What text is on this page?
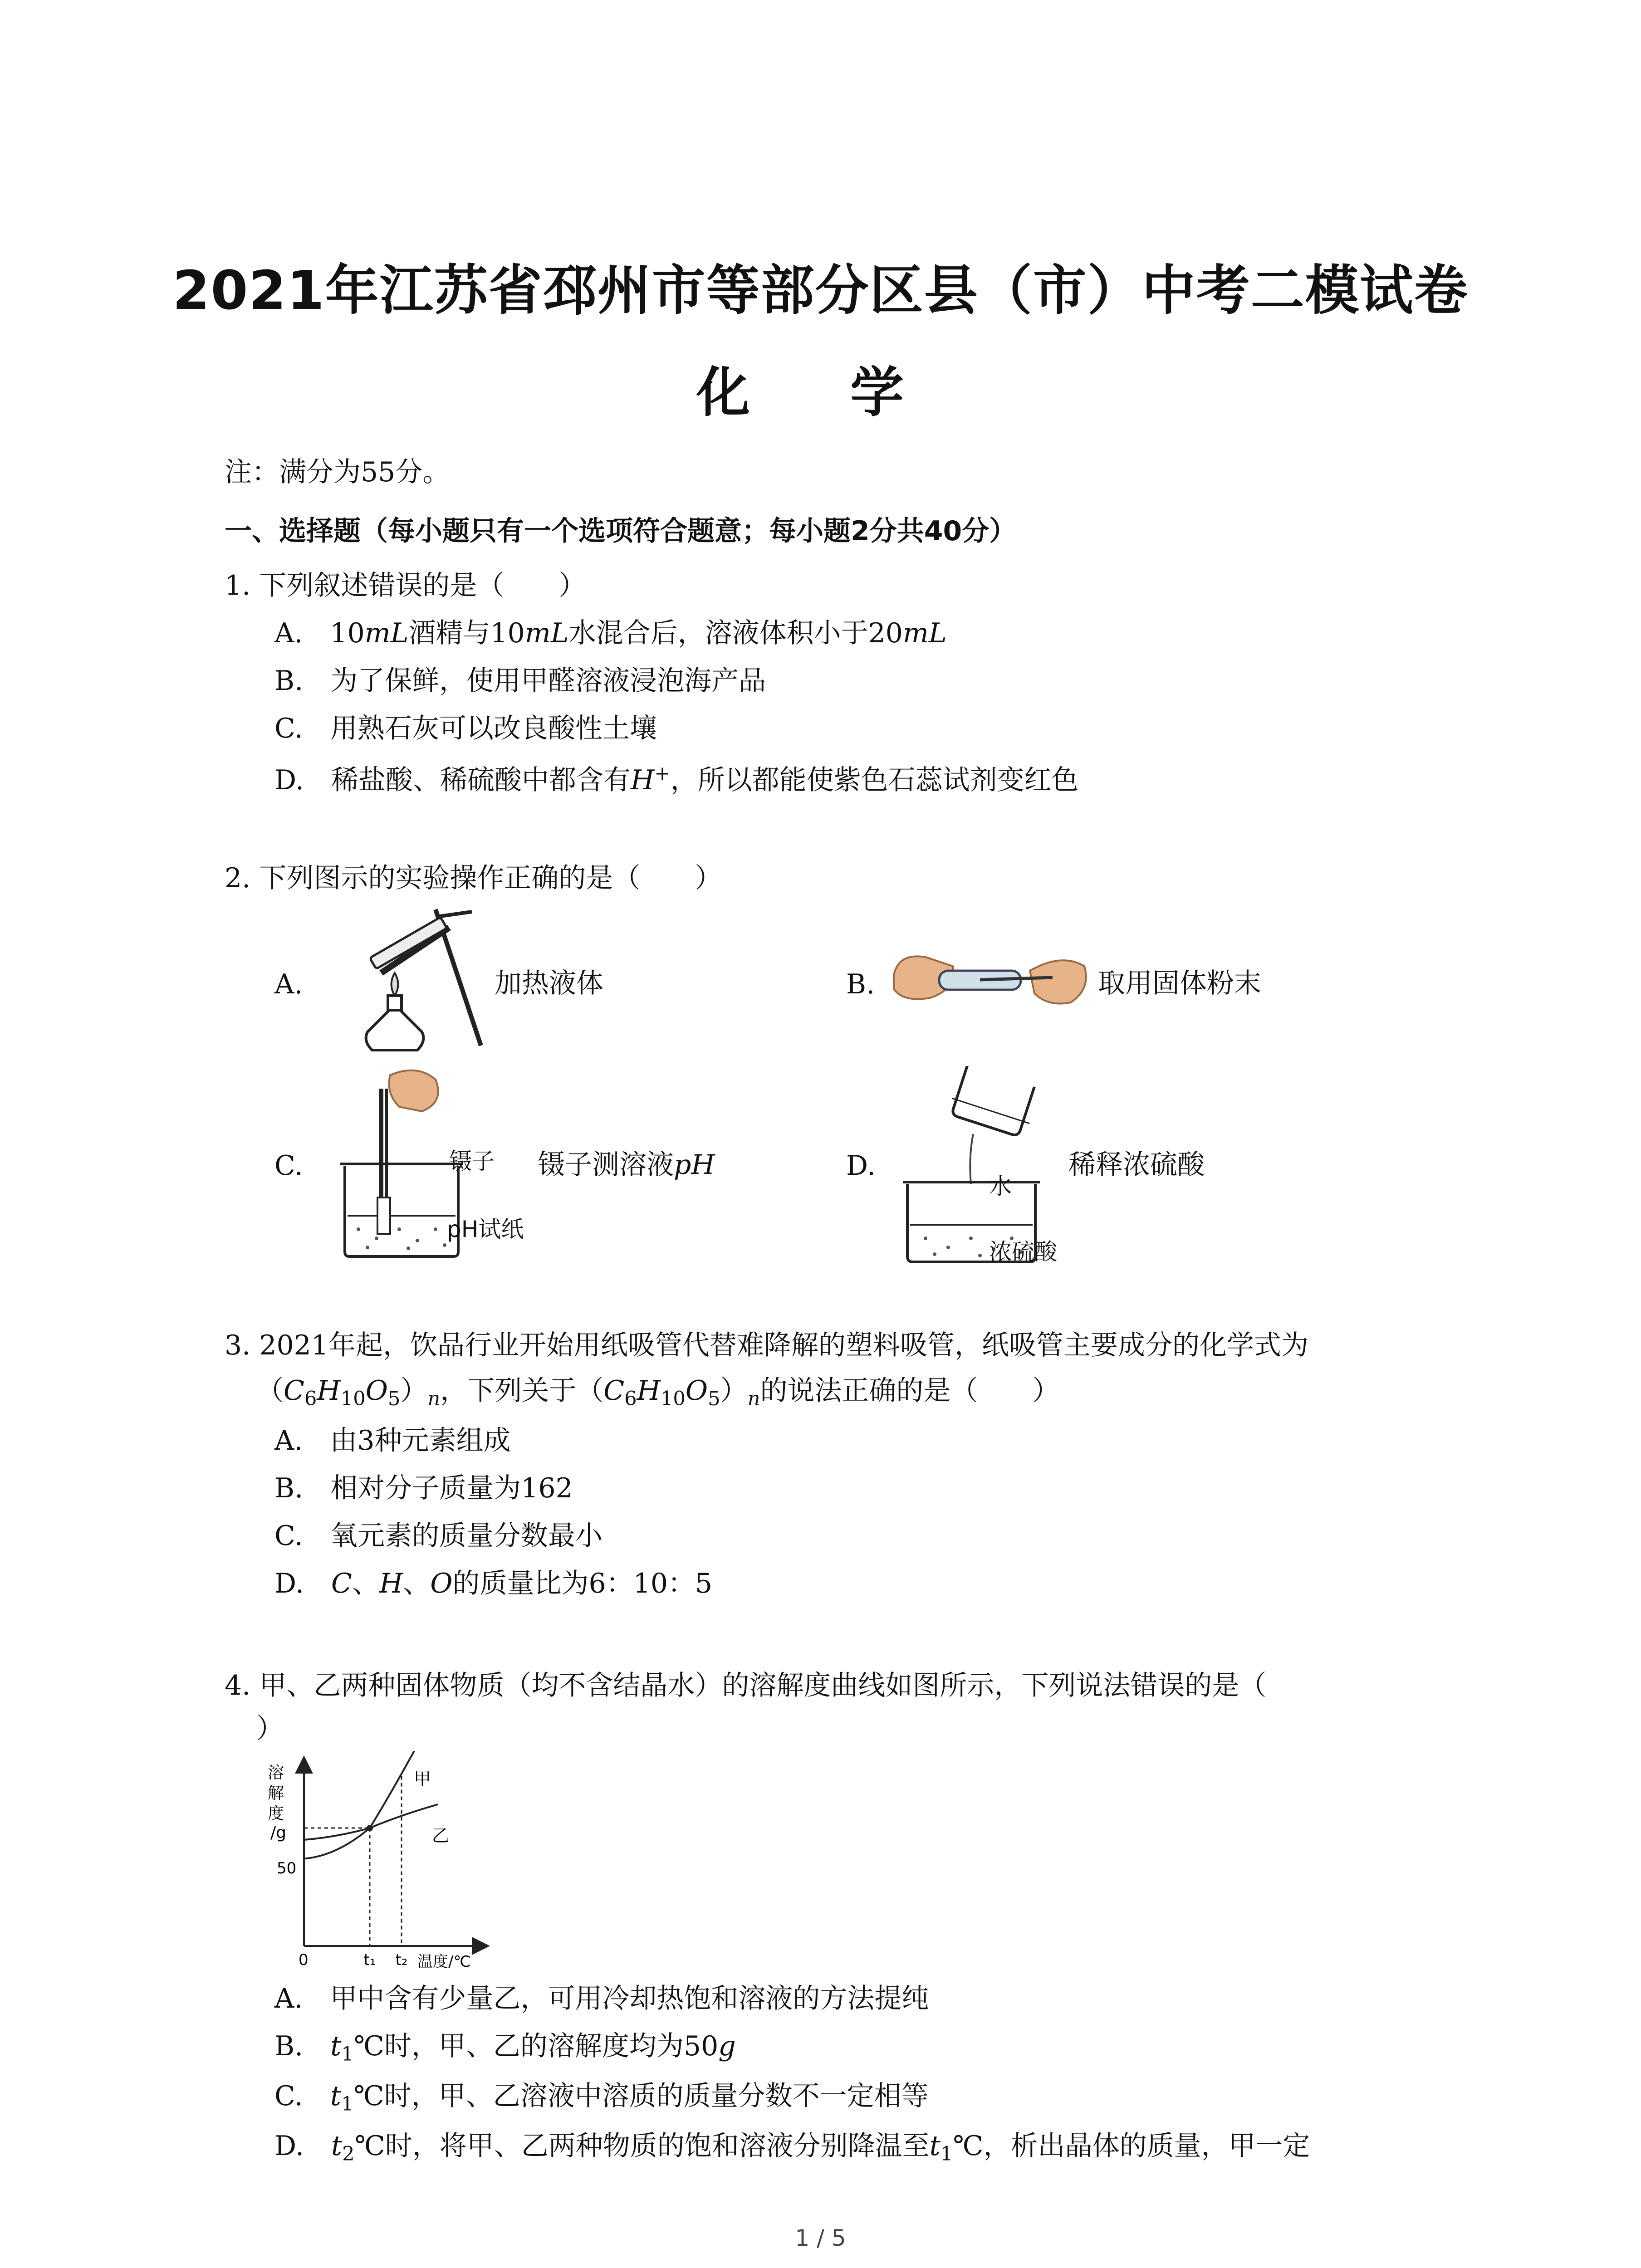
2021年江苏省邳州市等部分区县（市）中考二模试卷
化 学
注：满分为55分。
一、选择题（每小题只有一个选项符合题意；每小题2分共40分）
1. 下列叙述错误的是（　　）
A.　10mL酒精与10mL水混合后，溶液体积小于20mL
B.　为了保鲜，使用甲醛溶液浸泡海产品
C.　用熟石灰可以改良酸性土壤
D.　稀盐酸、稀硫酸中都含有H+，所以都能使紫色石蕊试剂变红色
2. 下列图示的实验操作正确的是（　　）
A.	加热液体	B.	取用固体粉末
C.	镊子
pH试纸
镊子测溶液pH	D.
水
浓硫酸
稀释浓硫酸
3. 2021年起，饮品行业开始用纸吸管代替难降解的塑料吸管，纸吸管主要成分的化学式为
$(C_6H_{10}O_5)_n$，下列关于$(C_6H_{10}O_5)_n$的说法正确的是（　　）
A.　由3种元素组成
B.　相对分子质量为162
C.　氧元素的质量分数最小
D.　C、H、O的质量比为6：10：5
4. 甲、乙两种固体物质（均不含结晶水）的溶解度曲线如图所示，下列说法错误的是（
）
溶
解
度
/g
50
0	t₁ t₂ 温度/℃
甲
乙
A.　甲中含有少量乙，可用冷却热饱和溶液的方法提纯
B.　$t_1℃$时，甲、乙的溶解度均为50g
C.　$t_1℃$时，甲、乙溶液中溶质的质量分数不一定相等
D.　$t_2℃$时，将甲、乙两种物质的饱和溶液分别降温至$t_1℃$，析出晶体的质量，甲一定
1 / 5
